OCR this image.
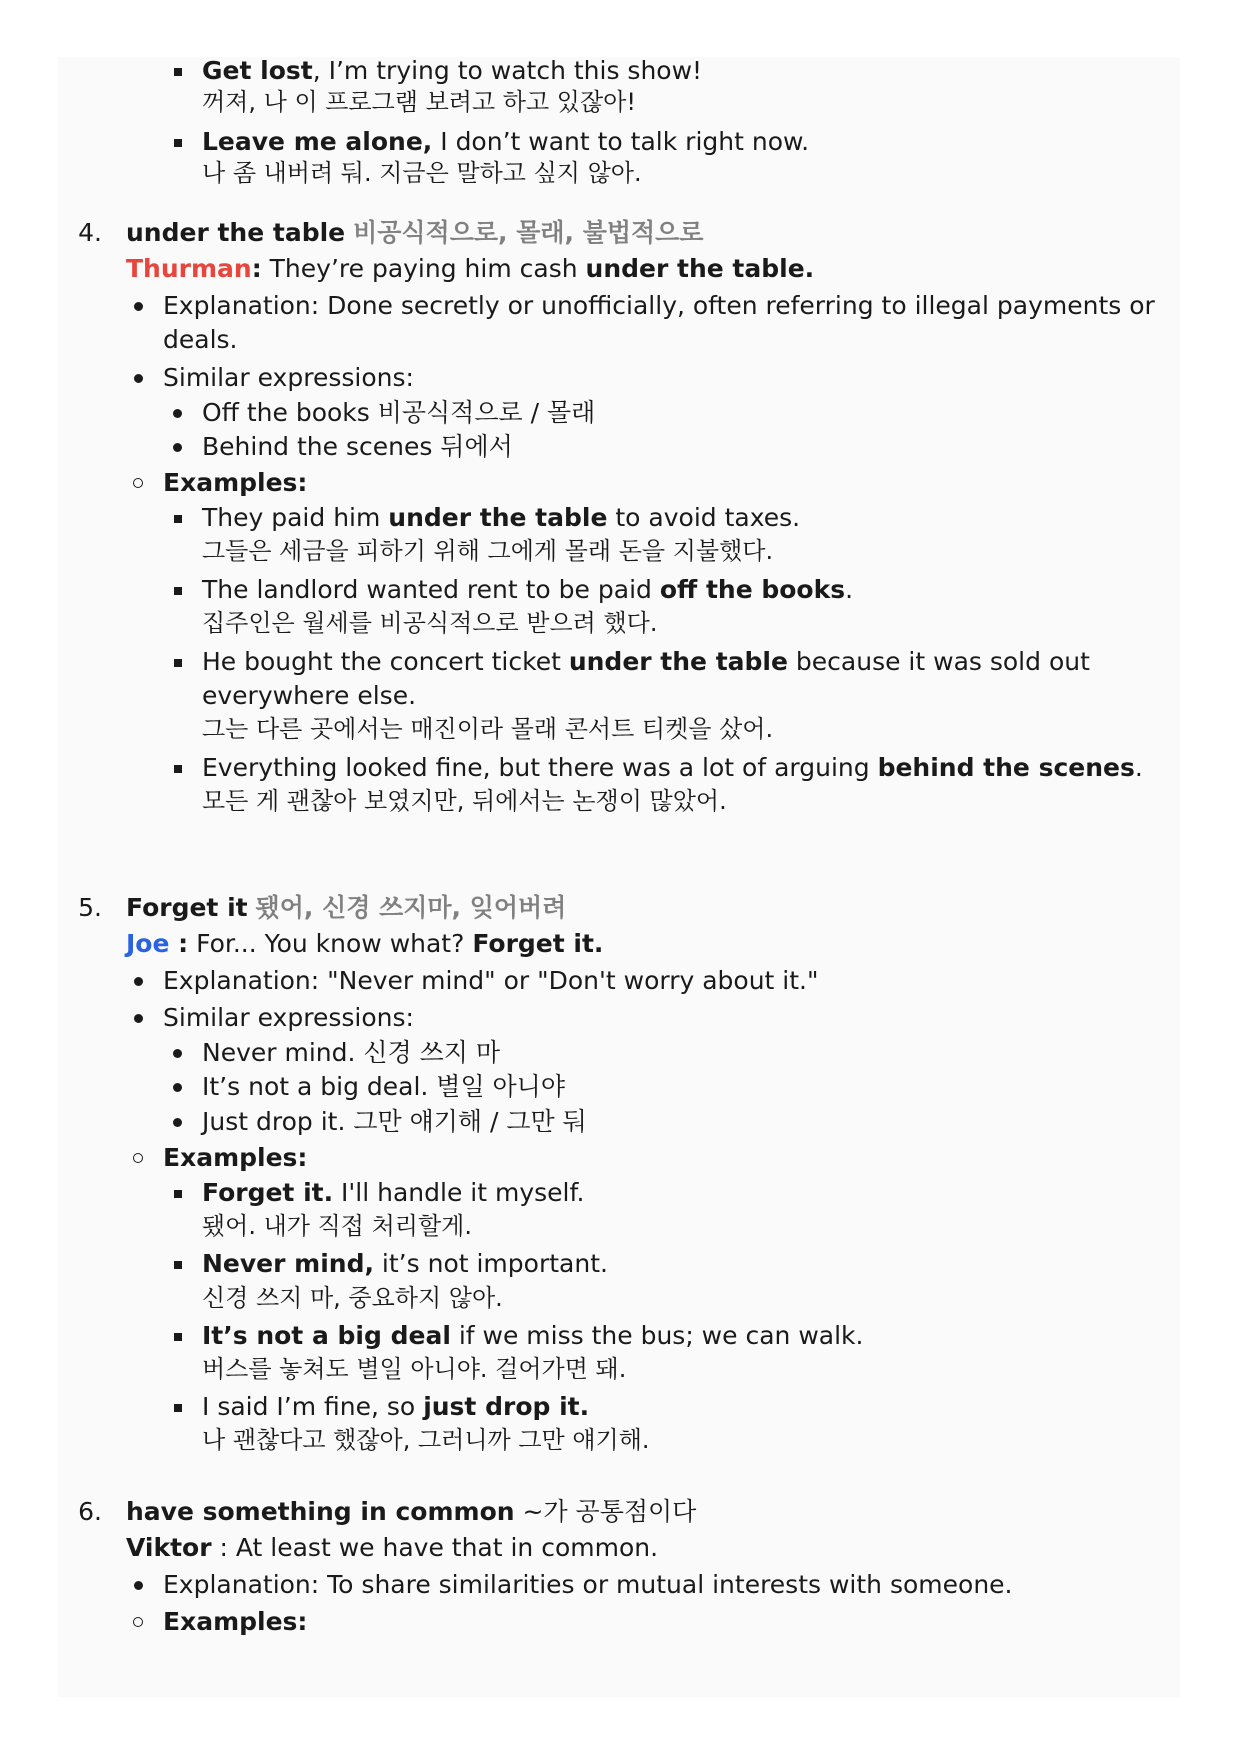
Get lost, I’m trying to watch this show!
꺼져, 나 이 프로그램 보려고 하고 있잖아!
Leave me alone, I don’t want to talk right now.
나 좀 내버려 둬. 지금은 말하고 싶지 않아.
4. under the table 비공식적으로, 몰래, 불법적으로
Thurman: They’re paying him cash under the table.
Explanation: Done secretly or unofficially, often referring to illegal payments or
deals.
Similar expressions:
Off the books 비공식적으로 / 몰래
Behind the scenes 뒤에서
Examples:
They paid him under the table to avoid taxes.
그들은 세금을 피하기 위해 그에게 몰래 돈을 지불했다.
The landlord wanted rent to be paid off the books.
집주인은 월세를 비공식적으로 받으려 했다.
He bought the concert ticket under the table because it was sold out
everywhere else.
그는 다른 곳에서는 매진이라 몰래 콘서트 티켓을 샀어.
Everything looked fine, but there was a lot of arguing behind the scenes.
모든 게 괜찮아 보였지만, 뒤에서는 논쟁이 많았어.
5. Forget it 됐어, 신경 쓰지마, 잊어버려
Joe : For... You know what? Forget it.
Explanation: "Never mind" or "Don't worry about it."
Similar expressions:
Never mind. 신경 쓰지 마
It’s not a big deal. 별일 아니야
Just drop it. 그만 얘기해 / 그만 둬
Examples:
Forget it. I'll handle it myself.
됐어. 내가 직접 처리할게.
Never mind, it’s not important.
신경 쓰지 마, 중요하지 않아.
It’s not a big deal if we miss the bus; we can walk.
버스를 놓쳐도 별일 아니야. 걸어가면 돼.
I said I’m fine, so just drop it.
나 괜찮다고 했잖아, 그러니까 그만 얘기해.
6. have something in common ~가 공통점이다
Viktor : At least we have that in common.
Explanation: To share similarities or mutual interests with someone.
Examples:
